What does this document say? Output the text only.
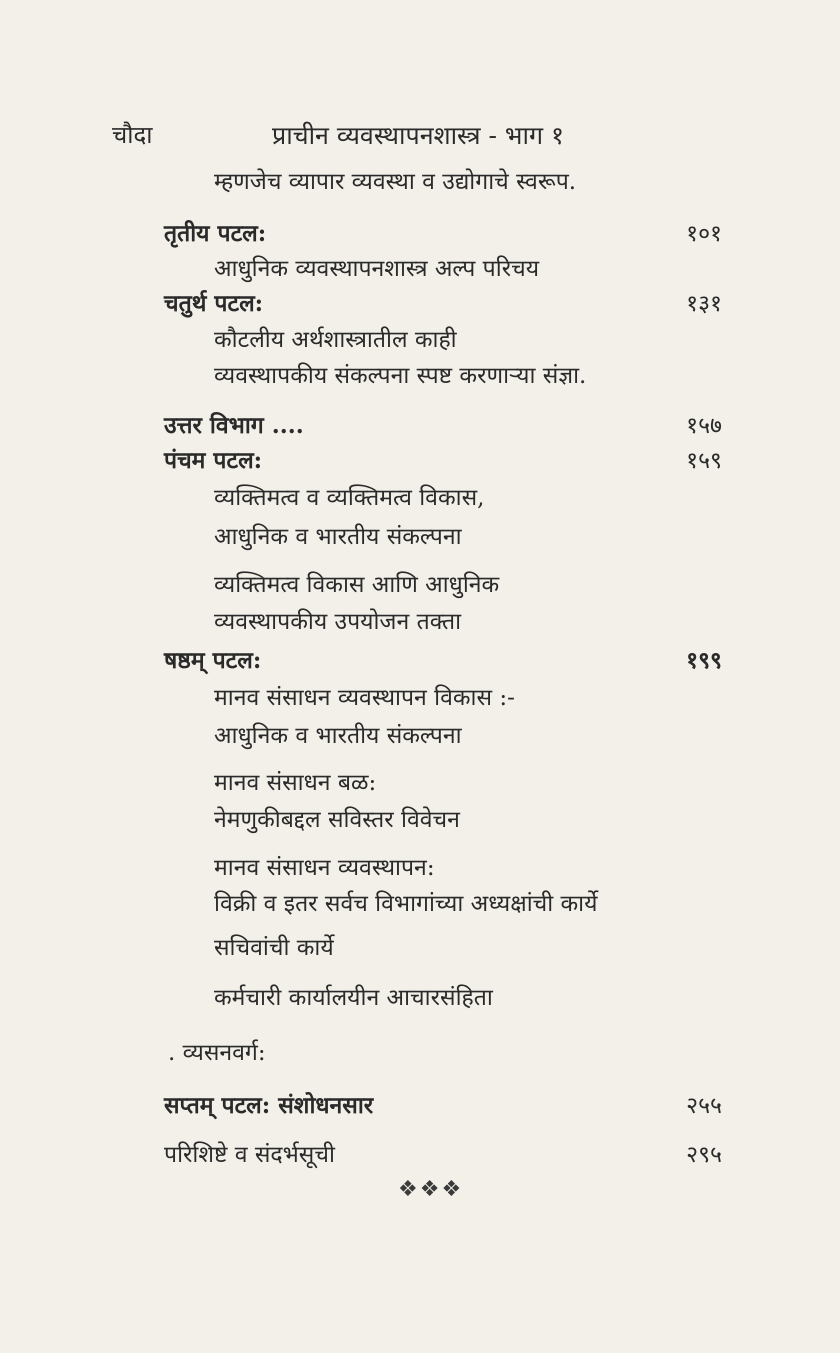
चौदा	प्राचीन व्यवस्थापनशास्त्र - भाग १
म्हणजेच व्यापार व्यवस्था व उद्योगाचे स्वरूप.
तृतीय पटल:	१०१
आधुनिक व्यवस्थापनशास्त्र अल्प परिचय
चतुर्थ पटल:	१३१
कौटलीय अर्थशास्त्रातील काही
व्यवस्थापकीय संकल्पना स्पष्ट करणाऱ्या संज्ञा.
उत्तर विभाग ....	१५७
पंचम पटल:	१५९
व्यक्तिमत्व व व्यक्तिमत्व विकास,
आधुनिक व भारतीय संकल्पना
व्यक्तिमत्व विकास आणि आधुनिक
व्यवस्थापकीय उपयोजन तक्ता
षष्ठम् पटल:	१९९
मानव संसाधन व्यवस्थापन विकास :-
आधुनिक व भारतीय संकल्पना
मानव संसाधन बळ:
नेमणुकीबद्दल सविस्तर विवेचन
मानव संसाधन व्यवस्थापन:
विक्री व इतर सर्वच विभागांच्या अध्यक्षांची कार्ये
सचिवांची कार्ये
कर्मचारी कार्यालयीन आचारसंहिता
. व्यसनवर्ग:
सप्तम् पटल: संशोधनसार	२५५
परिशिष्टे व संदर्भसूची	२९५
❖❖❖
